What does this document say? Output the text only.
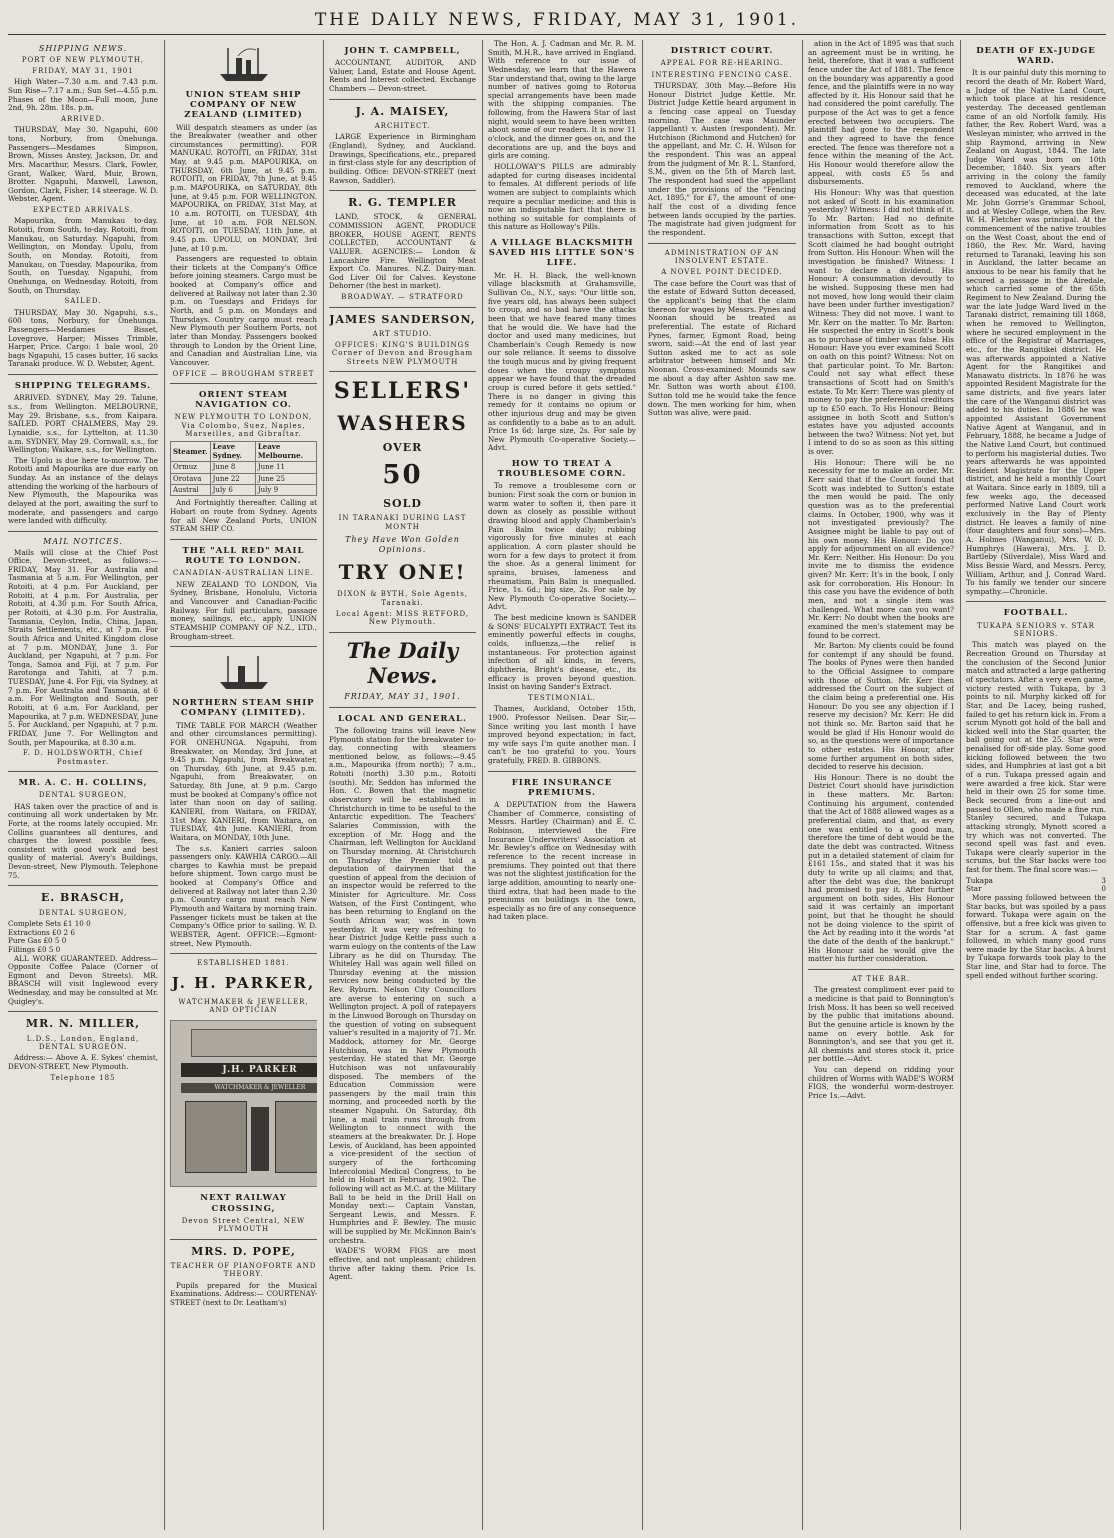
THE DAILY NEWS, FRIDAY, MAY 31, 1901.
SHIPPING NEWS.
PORT OF NEW PLYMOUTH,
FRIDAY, MAY 31, 1901

High Water—7.30 a.m. and 7.43 p.m. Sun Rise—7.17 a.m.; Sun Set—4.55 p.m. Phases of the Moon—Full moon, June 2nd, 9h. 28m. 18s. p.m.

ARRIVED.

THURSDAY, May 30. Ngapuhi, 600 tons, Norbury, from Onehunga. Passengers—Mesdames Simpson, Brown, Misses Anstey, Jackson, Dr. and Mrs. Macarthur, Messrs. Clark, Fowler, Grant, Walker, Ward, Muir, Brown, Brotter. Ngapuhi, Maxwell, Lawson, Gordon, Clark, Fisher, 14 steerage. W. D. Webster, Agent.

EXPECTED ARRIVALS.

Mapourika, from Manukau to-day. Rotoiti, from South, to-day. Rotoiti, from Manukau, on Saturday. Ngapuhi, from Wellington, on Monday. Upolu, from South, on Monday. Rotoiti, from Manukau, on Tuesday. Mapourika, from South, on Tuesday. Ngapuhi, from Onehunga, on Wednesday. Rotoiti, from South, on Thursday.

SAILED.

THURSDAY, May 30. Ngapuhi, s.s., 600 tons, Norbury, for Onehunga. Passengers—Mesdames Bisset, Lovegrove, Harper; Misses Trimble, Harper, Price. Cargo: 1 bale wool, 20 bags Ngapuhi, 15 cases butter, 16 sacks Taranaki produce. W. D. Webster, Agent.

SHIPPING TELEGRAMS.

ARRIVED. SYDNEY, May 29. Talune, s.s., from Wellington. MELBOURNE, May 29. Brisbane, s.s., from Kaipara. SAILED. PORT CHALMERS, May 29. Lynaidie, s.s., for Lyttelton, at 11.30 a.m. SYDNEY, May 29. Cornwall, s.s., for Wellington; Waikare, s.s., for Wellington.

The Upolu is due here to-morrow. The Rotoiti and Mapourika are due early on Sunday. As an instance of the delays attending the working of the harbours of New Plymouth, the Mapourika was delayed at the port, awaiting the surf to moderate, and passengers and cargo were landed with difficulty.

MAIL NOTICES.

Mails will close at the Chief Post Office, Devon-street, as follows:— FRIDAY, May 31. For Australia and Tasmania at 5 a.m. For Wellington, per Rotoiti, at 4 p.m. For Auckland, per Rotoiti, at 4 p.m. For Australia, per Rotoiti, at 4.30 p.m. For South Africa, per Rotoiti, at 4.30 p.m. For Australia, Tasmania, Ceylon, India, China, Japan, Straits Settlements, etc., at 7 p.m. For South Africa and United Kingdom close at 7 p.m. MONDAY, June 3. For Auckland, per Ngapuhi, at 7 p.m. For Tonga, Samoa and Fiji, at 7 p.m. For Rarotonga and Tahiti, at 7 p.m. TUESDAY, June 4. For Fiji, via Sydney, at 7 p.m. For Australia and Tasmania, at 6 a.m. For Wellington and South, per Rotoiti, at 6 a.m. For Auckland, per Mapourika, at 7 p.m. WEDNESDAY, June 5. For Auckland, per Ngapuhi, at 7 p.m. FRIDAY, June 7. For Wellington and South, per Mapourika, at 8.30 a.m.

F. D. HOLDSWORTH, Chief Postmaster.
MR. A. C. H. COLLINS,
DENTAL SURGEON,

HAS taken over the practice of and is continuing all work undertaken by Mr. Forte, at the rooms lately occupied. Mr. Collins guarantees all dentures, and charges the lowest possible fees, consistent with good work and best quality of material. Avery's Buildings, Devon-street, New Plymouth. Telephone 75.

E. BRASCH,
DENTAL SURGEON,
Complete Sets £1 10 0
Extractions £0 2 6
Pure Gas £0 5 0
Fillings £0 5 0

ALL WORK GUARANTEED. Address—Opposite Coffee Palace (Corner of Egmont and Devon Streets). MR. BRASCH will visit Inglewood every Wednesday, and may be consulted at Mr. Quigley's.

MR. N. MILLER,
L.D.S., London, England, DENTAL SURGEON.

Address:— Above A. E. Sykes' chemist, DEVON-STREET, New Plymouth.

Telephone 185
UNION STEAM SHIP COMPANY OF NEW ZEALAND (LIMITED)

Will despatch steamers as under (as the Breakwater (weather and other circumstances permitting). FOR MANUKAU. ROTOITI, on FRIDAY, 31st May, at 9.45 p.m. MAPOURIKA, on THURSDAY, 6th June, at 9.45 p.m. ROTOITI, on FRIDAY, 7th June, at 9.45 p.m. MAPOURIKA, on SATURDAY, 8th June, at 9.45 p.m. FOR WELLINGTON. MAPOURIKA, on FRIDAY, 31st May, at 10 a.m. ROTOITI, on TUESDAY, 4th June, at 10 a.m. FOR NELSON. ROTOITI, on TUESDAY, 11th June, at 9.45 p.m. UPOLU, on MONDAY, 3rd June, at 10 p.m.

Passengers are requested to obtain their tickets at the Company's Office before joining steamers. Cargo must be booked at Company's office and delivered at Railway not later than 2.30 p.m. on Tuesdays and Fridays for North, and 5 p.m. on Mondays and Thursdays. Country cargo must reach New Plymouth per Southern Ports, not later than Monday. Passengers booked through to London by the Orient Line, and Canadian and Australian Line, via Vancouver.

OFFICE — BROUGHAM STREET
ORIENT STEAM NAVIGATION CO.
NEW PLYMOUTH TO LONDON, Via Colombo, Suez, Naples, Marseilles, and Gibraltar.
Steamer.	Leave Sydney.	Leave Melbourne.
Ormuz	June 8	June 11
Orotava	June 22	June 25
Austral	July 6	July 9

And Fortnightly thereafter. Calling at Hobart on route from Sydney. Agents for all New Zealand Ports, UNION STEAM SHIP CO.

THE "ALL RED" MAIL ROUTE TO LONDON.
CANADIAN-AUSTRALIAN LINE.

NEW ZEALAND TO LONDON, Via Sydney, Brisbane, Honolulu, Victoria and Vancouver and Canadian-Pacific Railway. For full particulars, passage money, sailings, etc., apply UNION STEAMSHIP COMPANY OF N.Z., LTD., Brougham-street.

NORTHERN STEAM SHIP COMPANY (LIMITED).

TIME TABLE FOR MARCH (Weather and other circumstances permitting). FOR ONEHUNGA. Ngapuhi, from Breakwater, on Monday, 3rd June, at 9.45 p.m. Ngapuhi, from Breakwater, on Thursday, 6th June, at 9.45 p.m. Ngapuhi, from Breakwater, on Saturday, 8th June, at 9 p.m. Cargo must be booked at Company's office not later than noon on day of sailing. KANIERI, from Waitara, on FRIDAY, 31st May. KANIERI, from Waitara, on TUESDAY, 4th June. KANIERI, from Waitara, on MONDAY, 10th June.

The s.s. Kanieri carries saloon passengers only. KAWHIA CARGO.—All charges to Kawhia must be prepaid before shipment. Town cargo must be booked at Company's Office and delivered at Railway not later than 2.30 p.m. Country cargo must reach New Plymouth and Waitara by morning train. Passenger tickets must be taken at the Company's Office prior to sailing. W. D. WEBSTER, Agent. OFFICE:—Egmont-street, New Plymouth.

ESTABLISHED 1881.
J. H. PARKER,
WATCHMAKER & JEWELLER, AND OPTICIAN
J.H. PARKER
WATCHMAKER & JEWELLER
NEXT RAILWAY CROSSING,
Devon Street Central, NEW PLYMOUTH
MRS. D. POPE,
TEACHER OF PIANOFORTE AND THEORY.

Pupils prepared for the Musical Examinations. Address:— COURTENAY-STREET (next to Dr. Leatham's)

JOHN T. CAMPBELL,

ACCOUNTANT, AUDITOR, AND Valuer, Land, Estate and House Agent. Rents and Interest collected. Exchange Chambers — Devon-street.

J. A. MAISEY,
ARCHITECT.

LARGE Experience in Birmingham (England), Sydney, and Auckland. Drawings, Specifications, etc., prepared in first-class style for any description of building. Office: DEVON-STREET (next Rawson, Saddler).

R. G. TEMPLER

LAND, STOCK, & GENERAL COMMISSION AGENT, PRODUCE BROKER, HOUSE AGENT, RENTS COLLECTED, ACCOUNTANT & VALUER. AGENCIES:— London & Lancashire Fire. Wellington Meat Export Co. Manures. N.Z. Dairy-man. God Liver Oil for Calves. Keystone Dehorner (the best in market).

BROADWAY. — STRATFORD
JAMES SANDERSON,
ART STUDIO.
OFFICES: KING'S BUILDINGS Corner of Devon and Brougham Streets NEW PLYMOUTH
SELLERS'
WASHERS
OVER
50
SOLD
IN TARANAKI DURING LAST MONTH
They Have Won Golden Opinions.
TRY ONE!
DIXON & BYTH, Sole Agents, Taranaki.
Local Agent: MISS RETFORD, New Plymouth.
The Daily News.
FRIDAY, MAY 31, 1901.
LOCAL AND GENERAL.

The following trains will leave New Plymouth station for the breakwater to-day, connecting with steamers mentioned below, as follows:—9.45 a.m., Mapourika (from north); 7 a.m., Rotoiti (north) 3.30 p.m., Rotoiti (south). Mr. Seddon has informed the Hon. C. Bowen that the magnetic observatory will be established in Christchurch in time to be useful to the Antarctic expedition. The Teachers' Salaries Commission, with the exception of Mr. Hogg and the Chairman, left Wellington for Auckland on Thursday morning. At Christchurch on Thursday the Premier told a deputation of dairymen that the question of appeal from the decision of an inspector would be referred to the Minister for Agriculture. Mr. Coss Watson, of the First Contingent, who has been returning to England on the South African war, was in town yesterday. It was very refreshing to hear District Judge Kettle pass such a warm eulogy on the contents of the Law Library as he did on Thursday. The Whiteley Hall was again well filled on Thursday evening at the mission services now being conducted by the Rev. Ryburn. Nelson City Councillors are averse to entering on such a Wellington project. A poll of ratepayers in the Linwood Borough on Thursday on the question of voting on subsequent valuer's resulted in a majority of 71. Mr. Maddock, attorney for Mr. George Hutchison, was in New Plymouth yesterday. He stated that Mr. George Hutchison was not unfavourably disposed. The members of the Education Commission were passengers by the mail train this morning, and proceeded north by the steamer Ngapuhi. On Saturday, 8th June, a mail train runs through from Wellington to connect with the steamers at the breakwater. Dr. J. Hope Lewis, of Auckland, has been appointed a vice-president of the section of surgery of the forthcoming Intercolonial Medical Congress, to be held in Hobart in February, 1902. The following will act as M.C. at the Military Ball to be held in the Drill Hall on Monday next:— Captain Vanstan, Sergeant Lewis, and Messrs. F. Humphries and F. Bewley. The music will be supplied by Mr. McKinnon Bain's orchestra.

WADE'S WORM FIGS are most effective, and not unpleasant; children thrive after taking them. Price 1s. Agent.

The Hon. A. J. Cadman and Mr. R. M. Smith, M.H.R., have arrived in England. With reference to our issue of Wednesday, we learn that the Hawera Star understand that, owing to the large number of natives going to Rotorua special arrangements have been made with the shipping companies. The following, from the Hawera Star of last night, would seem to have been written about some of our readers. It is now 11 o'clock, and the dinner goes on, and the decorations are up, and the boys and girls are coming.

HOLLOWAY'S PILLS are admirably adapted for curing diseases incidental to females. At different periods of life women are subject to complaints which require a peculiar medicine; and this is now an indisputable fact that there is nothing so suitable for complaints of this nature as Holloway's Pills.

A VILLAGE BLACKSMITH SAVED HIS LITTLE SON'S LIFE.

Mr. H. H. Black, the well-known village blacksmith at Grahamsville, Sullivan Co., N.Y., says: "Our little son, five years old, has always been subject to croup, and so bad have the attacks been that we have feared many times that he would die. We have had the doctor and used many medicines, but Chamberlain's Cough Remedy is now our sole reliance. It seems to dissolve the tough mucus and by giving frequent doses when the croupy symptoms appear we have found that the dreaded croup is cured before it gets settled." There is no danger in giving this remedy for it contains no opium or other injurious drug and may be given as confidently to a babe as to an adult. Price 1s 6d; large size, 2s. For sale by New Plymouth Co-operative Society.—Advt.

HOW TO TREAT A TROUBLESOME CORN.

To remove a troublesome corn or bunion: First soak the corn or bunion in warm water to soften it, then pare it down as closely as possible without drawing blood and apply Chamberlain's Pain Balm twice daily; rubbing vigorously for five minutes at each application. A corn plaster should be worn for a few days to protect it from the shoe. As a general liniment for sprains, bruises, lameness and rheumatism, Pain Balm is unequalled. Price, 1s. 6d.; big size, 2s. For sale by New Plymouth Co-operative Society.—Advt.

The best medicine known is SANDER & SONS' EUCALYPTI EXTRACT. Test its eminently powerful effects in coughs, colds, influenza,—the relief is instantaneous. For protection against infection of all kinds, in fevers, diphtheria, Bright's disease, etc., its efficacy is proven beyond question. Insist on having Sander's Extract.

TESTIMONIAL.

Thames, Auckland, October 15th, 1900. Professor Neilsen. Dear Sir,—Since writing you last month I have improved beyond expectation; in fact, my wife says I'm quite another man. I can't be too grateful to you. Yours gratefully, FRED. B. GIBBONS.

FIRE INSURANCE PREMIUMS.

A DEPUTATION from the Hawera Chamber of Commerce, consisting of Messrs. Hartley (Chairman) and E. C. Robinson, interviewed the Fire Insurance Underwriters' Association at Mr. Bewley's office on Wednesday with reference to the recent increase in premiums. They pointed out that there was not the slightest justification for the large addition, amounting to nearly one-third extra, that had been made to the premiums on buildings in the town, especially as no fire of any consequence had taken place.

DISTRICT COURT.
APPEAL FOR RE-HEARING.
INTERESTING FENCING CASE.

THURSDAY, 30th May.—Before His Honour District Judge Kettle. Mr. District Judge Kettle heard argument in a fencing case appeal on Tuesday morning. The case was Maunder (appellant) v. Austen (respondent). Mr. Hutchison (Richmond and Hutchen) for the appellant, and Mr. C. H. Wilson for the respondent. This was an appeal from the judgment of Mr. R. L. Stanford, S.M., given on the 5th of March last. The respondent had sued the appellant under the provisions of the "Fencing Act, 1895," for £7, the amount of one-half the cost of a dividing fence between lands occupied by the parties. The magistrate had given judgment for the respondent.

ADMINISTRATION OF AN INSOLVENT ESTATE.
A NOVEL POINT DECIDED.

The case before the Court was that of the estate of Edward Sutton deceased, the applicant's being that the claim thereon for wages by Messrs. Pynes and Noonan should be treated as preferential. The estate of Richard Pynes, farmer, Egmont Road, being sworn, said:—At the end of last year Sutton asked me to act as sole arbitrator between himself and Mr. Noonan. Cross-examined: Mounds saw me about a day after Ashton saw me. Mr. Sutton was worth about £100. Sutton told me he would take the fence down. The men working for him, when Sutton was alive, were paid.

ation in the Act of 1895 was that such an agreement must be in writing, he held, therefore, that it was a sufficient fence under the Act of 1881. The fence on the boundary was apparently a good fence, and the plaintiffs were in no way affected by it. His Honour said that he had considered the point carefully. The purpose of the Act was to get a fence erected between two occupiers. The plaintiff had gone to the respondent and they agreed to have the fence erected. The fence was therefore not a fence within the meaning of the Act. His Honour would therefore allow the appeal, with costs £5 5s and disbursements.

His Honour: Why was that question not asked of Scott in his examination yesterday? Witness: I did not think of it. To Mr. Barton: Had no definite information from Scott as to his transactions with Sutton, except that Scott claimed he had bought outright from Sutton. His Honour: When will the investigation be finished? Witness: I want to declare a dividend. His Honour: A consummation devoutly to be wished. Supposing these men had not moved, how long would their claim have been under further investigation? Witness: They did not move. I want to Mr. Kerr on the matter. To Mr. Barton: He suspected the entry in Scott's book as to purchase of timber was false. His Honour: Have you ever examined Scott on oath on this point? Witness: Not on that particular point. To Mr. Barton: Could not say what effect these transactions of Scott had on Smith's estate. To Mr. Kerr: There was plenty of money to pay the preferential creditors up to £50 each. To His Honour: Being assignee in both Scott and Sutton's estates have you adjusted accounts between the two? Witness: Not yet, but I intend to do so as soon as this sitting is over.

His Honour: There will be no necessity for me to make an order. Mr. Kerr said that if the Court found that Scott was indebted to Sutton's estate the men would be paid. The only question was as to the preferential claims. In October, 1900, why was it not investigated previously? The Assignee might be liable to pay out of his own money. His Honour: Do you apply for adjournment on all evidence? Mr. Kerr: Neither. His Honour: Do you invite me to dismiss the evidence given? Mr. Kerr: It's in the book, I only ask for corroboration. His Honour: In this case you have the evidence of both men, and not a single item was challenged. What more can you want? Mr. Kerr: No doubt when the books are examined the men's statement may be found to be correct.

Mr. Barton: My clients could be found for contempt if any should be found. The books of Pynes were then handed to the Official Assignee to compare with those of Sutton. Mr. Kerr then addressed the Court on the subject of the claim being a preferential one. His Honour: Do you see any objection if I reserve my decision? Mr. Kerr: He did not think so. Mr. Barton said that he would be glad if His Honour would do so, as the questions were of importance to other estates. His Honour, after some further argument on both sides, decided to reserve his decision.

His Honour: There is no doubt the District Court should have jurisdiction in these matters. Mr. Barton: Continuing his argument, contended that the Act of 1888 allowed wages as a preferential claim, and that, as every one was entitled to a good man, therefore the time of debt would be the date the debt was contracted. Witness put in a detailed statement of claim for £161 15s., and stated that it was his duty to write up all claims; and that, after the debt was due, the bankrupt had promised to pay it. After further argument on both sides, His Honour said it was certainly an important point, but that he thought he should not be doing violence to the spirit of the Act by reading into it the words "at the date of the death of the bankrupt." His Honour said he would give the matter his further consideration.

AT THE BAR.

The greatest compliment ever paid to a medicine is that paid to Bonnington's Irish Moss. It has been so well received by the public that imitations abound. But the genuine article is known by the name on every bottle. Ask for Bonnington's, and see that you get it. All chemists and stores stock it, price per bottle.—Advt.

You can depend on ridding your children of Worms with WADE'S WORM FIGS, the wonderful worm-destroyer. Price 1s.—Advt.

DEATH OF EX-JUDGE WARD.

It is our painful duty this morning to record the death of Mr. Robert Ward, a Judge of the Native Land Court, which took place at his residence yesterday. The deceased gentleman came of an old Norfolk family. His father, the Rev. Robert Ward, was a Wesleyan minister, who arrived in the ship Raymond, arriving in New Zealand on August, 1844. The late Judge Ward was born on 10th December, 1840. Six years after arriving in the colony the family removed to Auckland, where the deceased was educated, at the late Mr. John Gorrie's Grammar School, and at Wesley College, when the Rev. W. H. Fletcher was principal. At the commencement of the native troubles on the West Coast, about the end of 1860, the Rev. Mr. Ward, having returned to Taranaki, leaving his son in Auckland, the latter became an anxious to be near his family that he secured a passage in the Airedale, which carried some of the 65th Regiment to New Zealand. During the war the late Judge Ward lived in the Taranaki district, remaining till 1868, when he removed to Wellington, where he secured employment in the office of the Registrar of Marriages, etc., for the Rangitikei district. He was afterwards appointed a Native Agent for the Rangitikei and Manawatu districts. In 1876 he was appointed Resident Magistrate for the same districts, and five years later the care of the Wanganui district was added to his duties. In 1886 he was appointed Assistant Government Native Agent at Wanganui, and in February, 1888, he became a Judge of the Native Land Court, but continued to perform his magisterial duties. Two years afterwards he was appointed Resident Magistrate for the Upper district, and he held a monthly Court at Waitara. Since early in 1889, till a few weeks ago, the deceased performed Native Land Court work exclusively in the Bay of Plenty district. He leaves a family of nine (four daughters and four sons)—Mrs. A. Holmes (Wanganui), Mrs. W. D. Humphrys (Hawera), Mrs. J. D. Bartleby (Silverdale), Miss Ward and Miss Bessie Ward, and Messrs. Percy, William, Arthur, and J. Conrad Ward. To his family we tender our sincere sympathy.—Chronicle.

FOOTBALL.
TUKAPA SENIORS v. STAR SENIORS.

This match was played on the Recreation Ground on Thursday at the conclusion of the Second Junior match and attracted a large gathering of spectators. After a very even game, victory rested with Tukapa, by 3 points to nil. Murphy kicked off for Star, and De Lacey, being rushed, failed to get his return kick in. From a scrum Mynott got hold of the ball and kicked well into the Star quarter, the ball going out at the 25. Star were penalised for off-side play. Some good kicking followed between the two sides, and Humphries at last got a bit of a run. Tukapa pressed again and were awarded a free kick. Star were held in their own 25 for some time. Beck secured from a line-out and passed to Ollen, who made a fine run. Stanley secured, and Tukapa attacking strongly, Mynott scored a try which was not converted. The second spell was fast and even. Tukapa were clearly superior in the scrums, but the Star backs were too fast for them. The final score was:—

Tukapa	3
Star	0

More passing followed between the Star backs, but was spoiled by a pass forward. Tukapa were again on the offensive, but a free kick was given to Star for a scrum. A fast game followed, in which many good runs were made by the Star backs. A burst by Tukapa forwards took play to the Star line, and Star had to force. The spell ended without further scoring.
